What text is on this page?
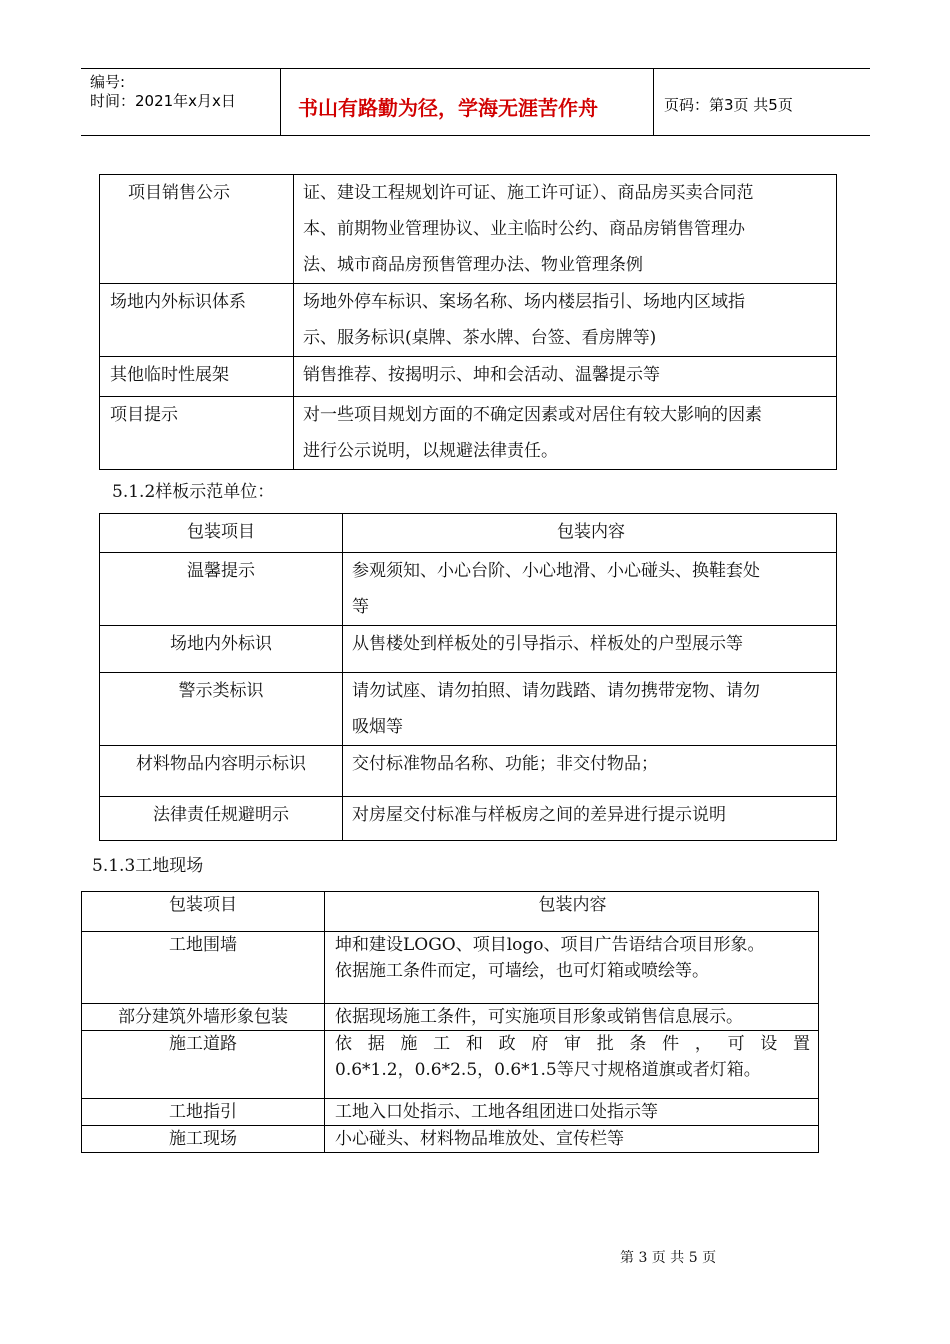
编号:
时间：2021年x月x日	书山有路勤为径，学海无涯苦作舟	页码：第3页 共5页
项目销售公示	证、建设工程规划许可证、施工许可证）、商品房买卖合同范
本、前期物业管理协议、业主临时公约、商品房销售管理办
法、城市商品房预售管理办法、物业管理条例

场地内外标识体系	场地外停车标识、案场名称、场内楼层指引、场地内区域指
示、服务标识(桌牌、茶水牌、台签、看房牌等)

其他临时性展架	销售推荐、按揭明示、坤和会活动、温馨提示等

项目提示	对一些项目规划方面的不确定因素或对居住有较大影响的因素
进行公示说明，以规避法律责任。
5.1.2样板示范单位：
包装项目	包装内容
温馨提示	参观须知、小心台阶、小心地滑、小心碰头、换鞋套处
等

场地内外标识	从售楼处到样板处的引导指示、样板处的户型展示等

警示类标识	请勿试座、请勿拍照、请勿践踏、请勿携带宠物、请勿
吸烟等

材料物品内容明示标识	交付标准物品名称、功能；非交付物品；

法律责任规避明示	对房屋交付标准与样板房之间的差异进行提示说明
5.1.3工地现场
包装项目	包装内容
工地围墙	坤和建设LOGO、项目logo、项目广告语结合项目形象。
依据施工条件而定，可墙绘，也可灯箱或喷绘等。

部分建筑外墙形象包装	依据现场施工条件，可实施项目形象或销售信息展示。

施工道路	依 据 施 工 和 政 府 审 批 条 件 ， 可 设 置
0.6*1.2，0.6*2.5，0.6*1.5等尺寸规格道旗或者灯箱。

工地指引	工地入口处指示、工地各组团进口处指示等

施工现场	小心碰头、材料物品堆放处、宣传栏等
第 3 页 共 5 页
